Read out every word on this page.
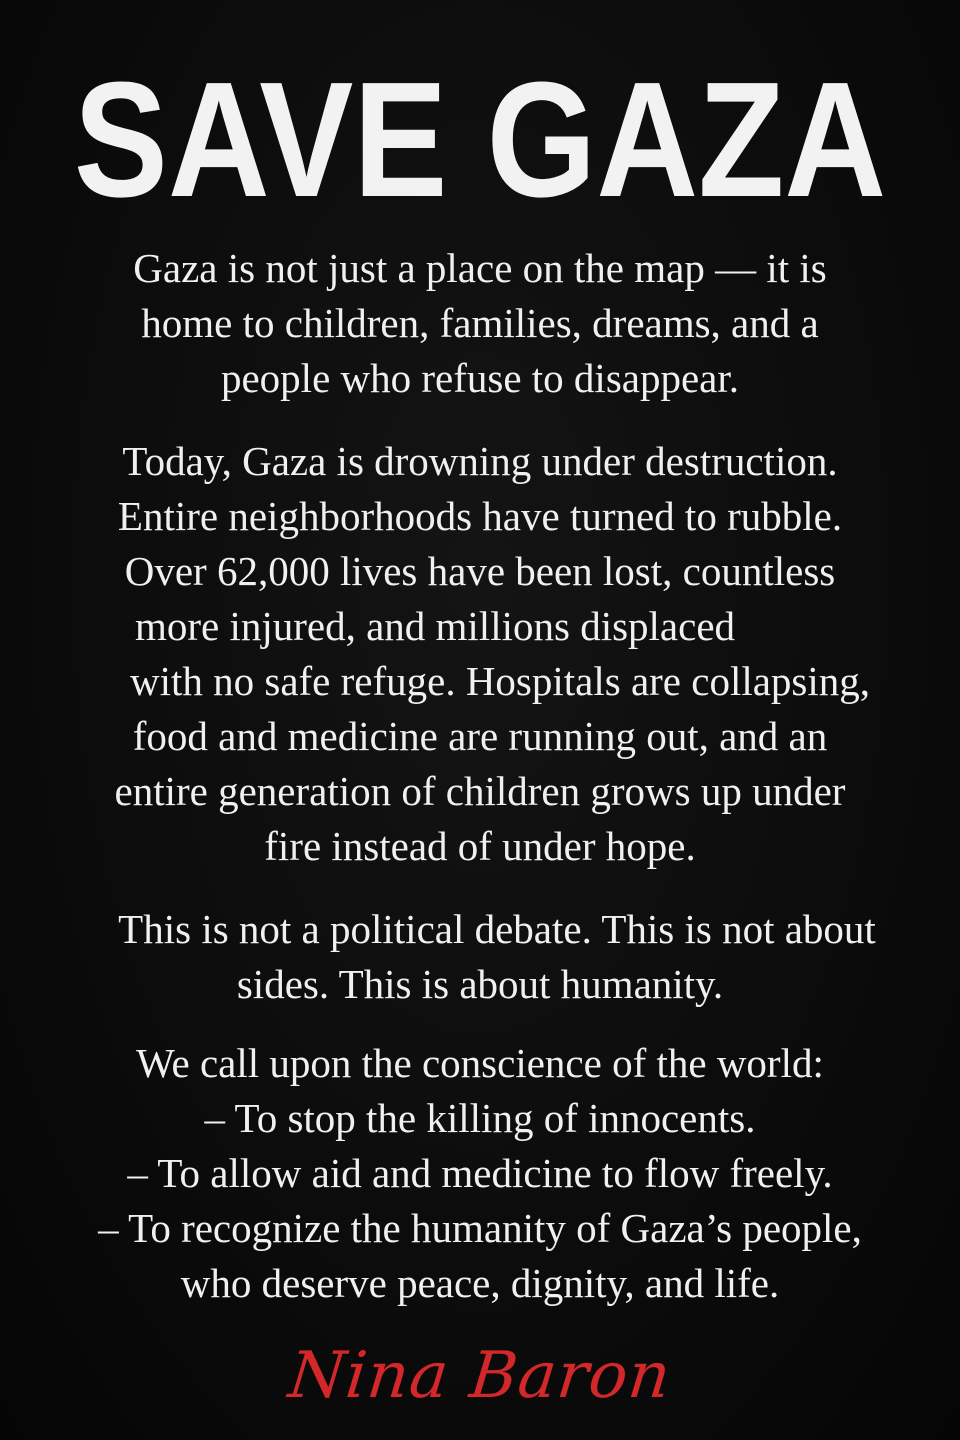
SAVE GAZA
Gaza is not just a place on the map — it is
home to children, families, dreams, and a
people who refuse to disappear.
Today, Gaza is drowning under destruction.
Entire neighborhoods have turned to rubble.
Over 62,000 lives have been lost, countless
more injured, and millions displaced
with no safe refuge. Hospitals are collapsing,
food and medicine are running out, and an
entire generation of children grows up under
fire instead of under hope.
This is not a political debate. This is not about
sides. This is about humanity.
We call upon the conscience of the world:
– To stop the killing of innocents.
– To allow aid and medicine to flow freely.
– To recognize the humanity of Gaza’s people,
who deserve peace, dignity, and life.
Nina Baron
